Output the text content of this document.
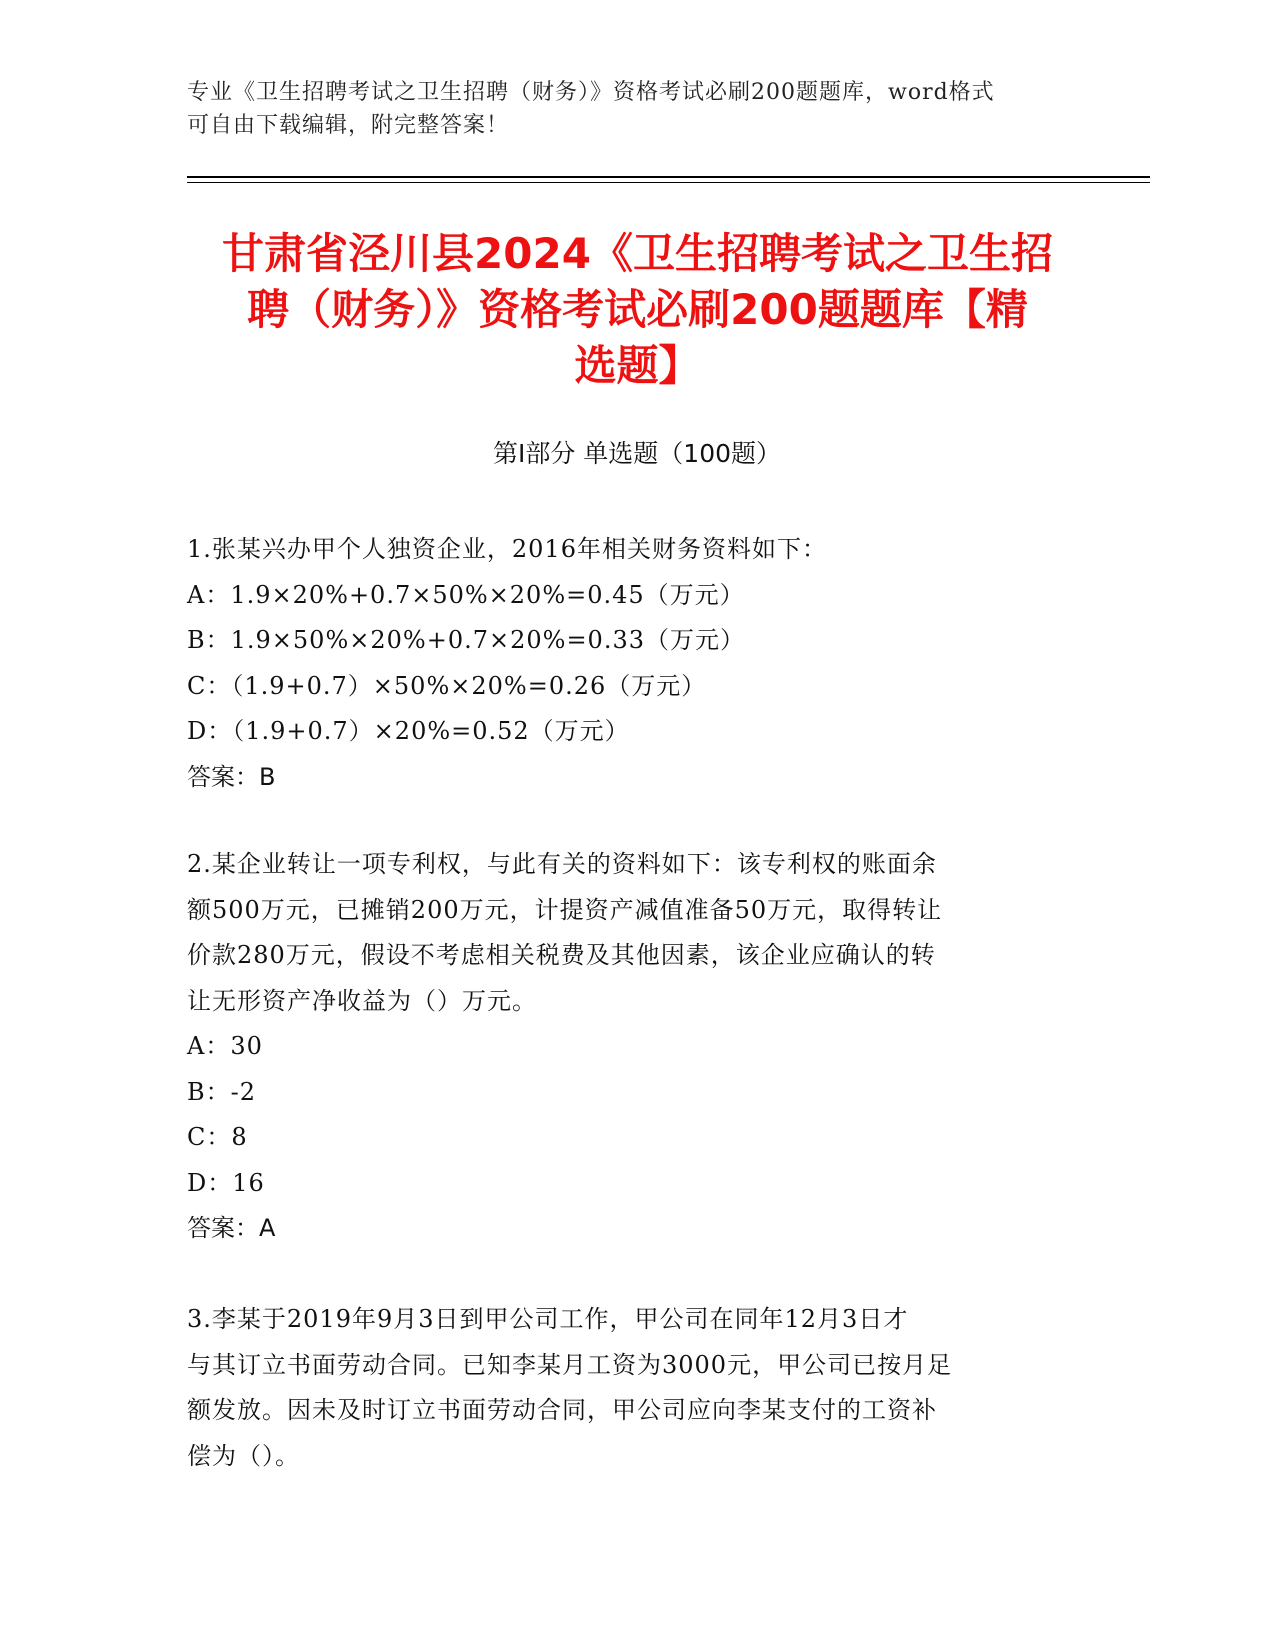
专业《卫生招聘考试之卫生招聘（财务）》资格考试必刷200题题库，word格式
可自由下载编辑，附完整答案！
甘肃省泾川县2024《卫生招聘考试之卫生招
聘（财务）》资格考试必刷200题题库【精
选题】
第Ⅰ部分 单选题（100题）
1.张某兴办甲个人独资企业，2016年相关财务资料如下：
A：1.9×20%+0.7×50%×20%=0.45（万元）
B：1.9×50%×20%+0.7×20%=0.33（万元）
C：（1.9+0.7）×50%×20%=0.26（万元）
D：（1.9+0.7）×20%=0.52（万元）
答案：B
2.某企业转让一项专利权，与此有关的资料如下：该专利权的账面余
额500万元，已摊销200万元，计提资产减值准备50万元，取得转让
价款280万元，假设不考虑相关税费及其他因素，该企业应确认的转
让无形资产净收益为（）万元。
A：30
B：-2
C：8
D：16
答案：A
3.李某于2019年9月3日到甲公司工作，甲公司在同年12月3日才
与其订立书面劳动合同。已知李某月工资为3000元，甲公司已按月足
额发放。因未及时订立书面劳动合同，甲公司应向李某支付的工资补
偿为（）。
